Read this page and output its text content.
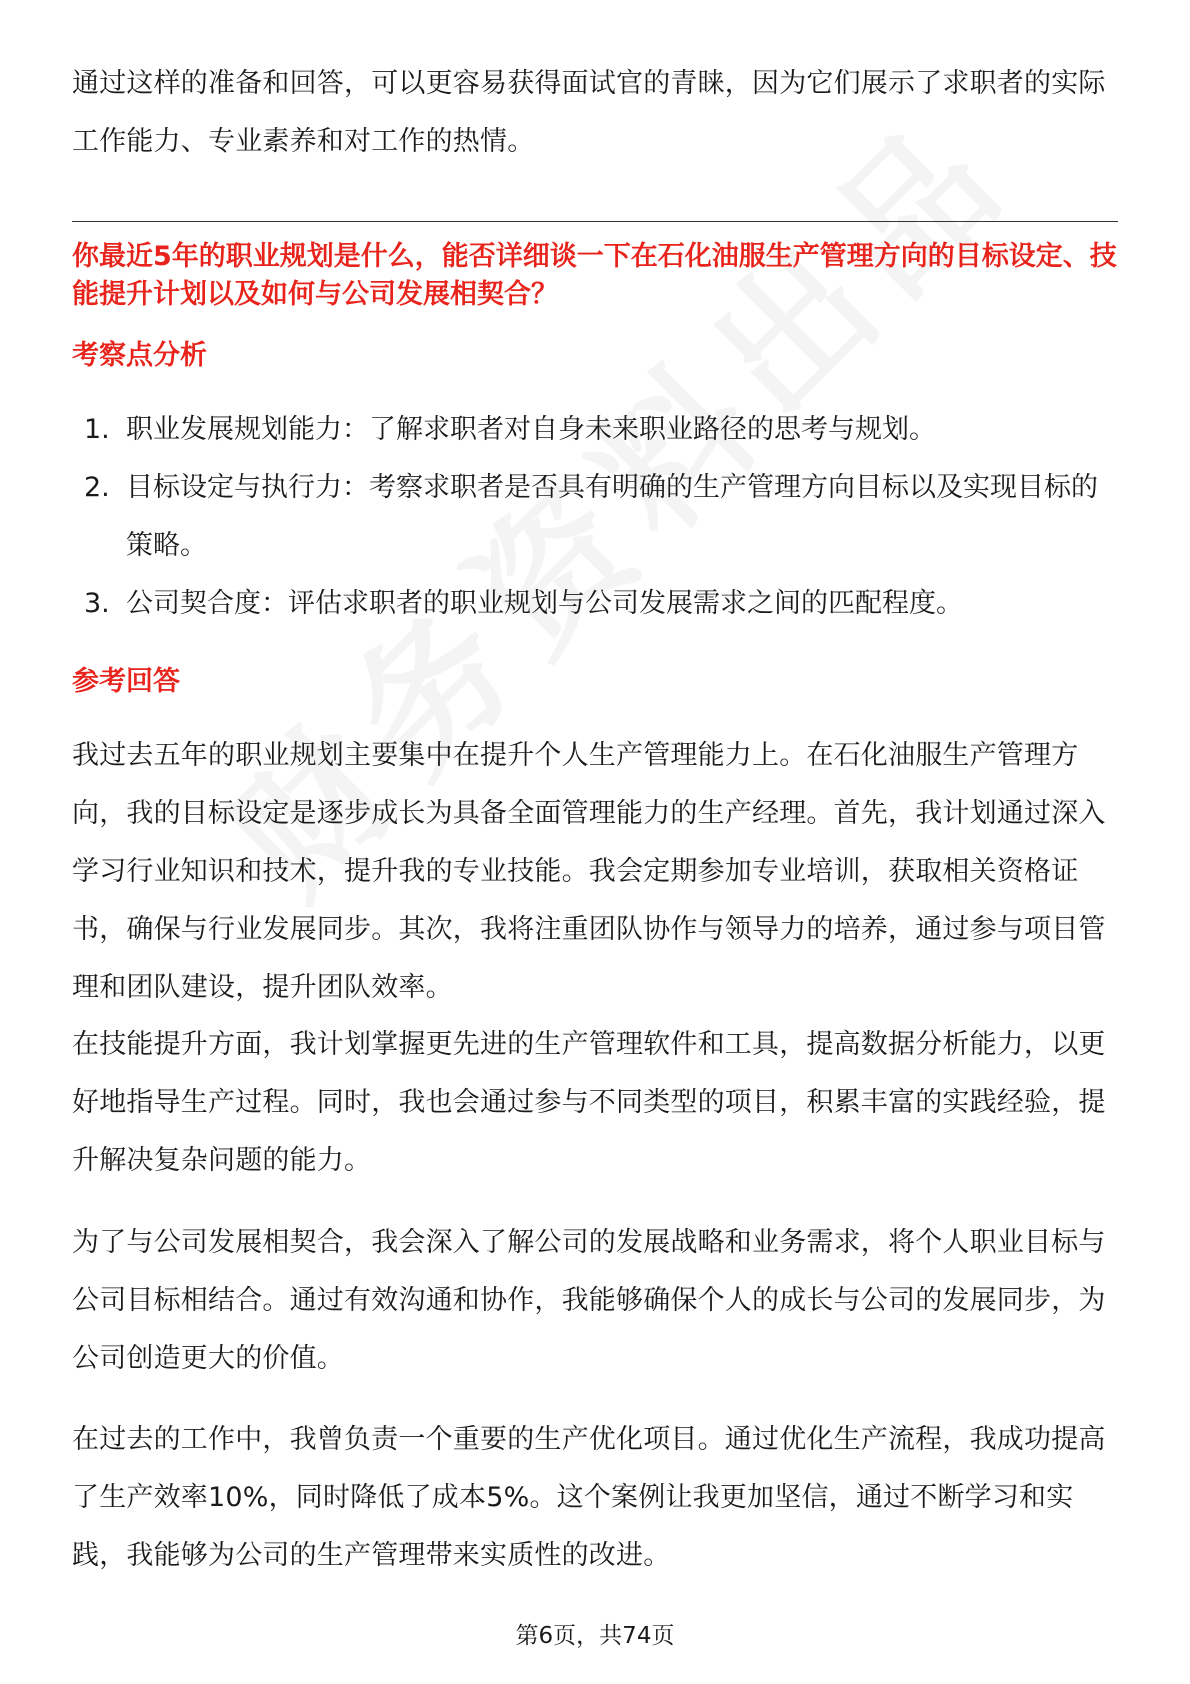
通过这样的准备和回答，可以更容易获得面试官的青睐，因为它们展示了求职者的实际工作能力、专业素养和对工作的热情。

你最近5年的职业规划是什么，能否详细谈一下在石化油服生产管理方向的目标设定、技能提升计划以及如何与公司发展相契合？

考察点分析

1. 职业发展规划能力：了解求职者对自身未来职业路径的思考与规划。
2. 目标设定与执行力：考察求职者是否具有明确的生产管理方向目标以及实现目标的策略。
3. 公司契合度：评估求职者的职业规划与公司发展需求之间的匹配程度。

参考回答

我过去五年的职业规划主要集中在提升个人生产管理能力上。在石化油服生产管理方向，我的目标设定是逐步成长为具备全面管理能力的生产经理。首先，我计划通过深入学习行业知识和技术，提升我的专业技能。我会定期参加专业培训，获取相关资格证书，确保与行业发展同步。其次，我将注重团队协作与领导力的培养，通过参与项目管理和团队建设，提升团队效率。

在技能提升方面，我计划掌握更先进的生产管理软件和工具，提高数据分析能力，以更好地指导生产过程。同时，我也会通过参与不同类型的项目，积累丰富的实践经验，提升解决复杂问题的能力。

为了与公司发展相契合，我会深入了解公司的发展战略和业务需求，将个人职业目标与公司目标相结合。通过有效沟通和协作，我能够确保个人的成长与公司的发展同步，为公司创造更大的价值。

在过去的工作中，我曾负责一个重要的生产优化项目。通过优化生产流程，我成功提高了生产效率10%，同时降低了成本5%。这个案例让我更加坚信，通过不断学习和实践，我能够为公司的生产管理带来实质性的改进。

第6页，共74页
